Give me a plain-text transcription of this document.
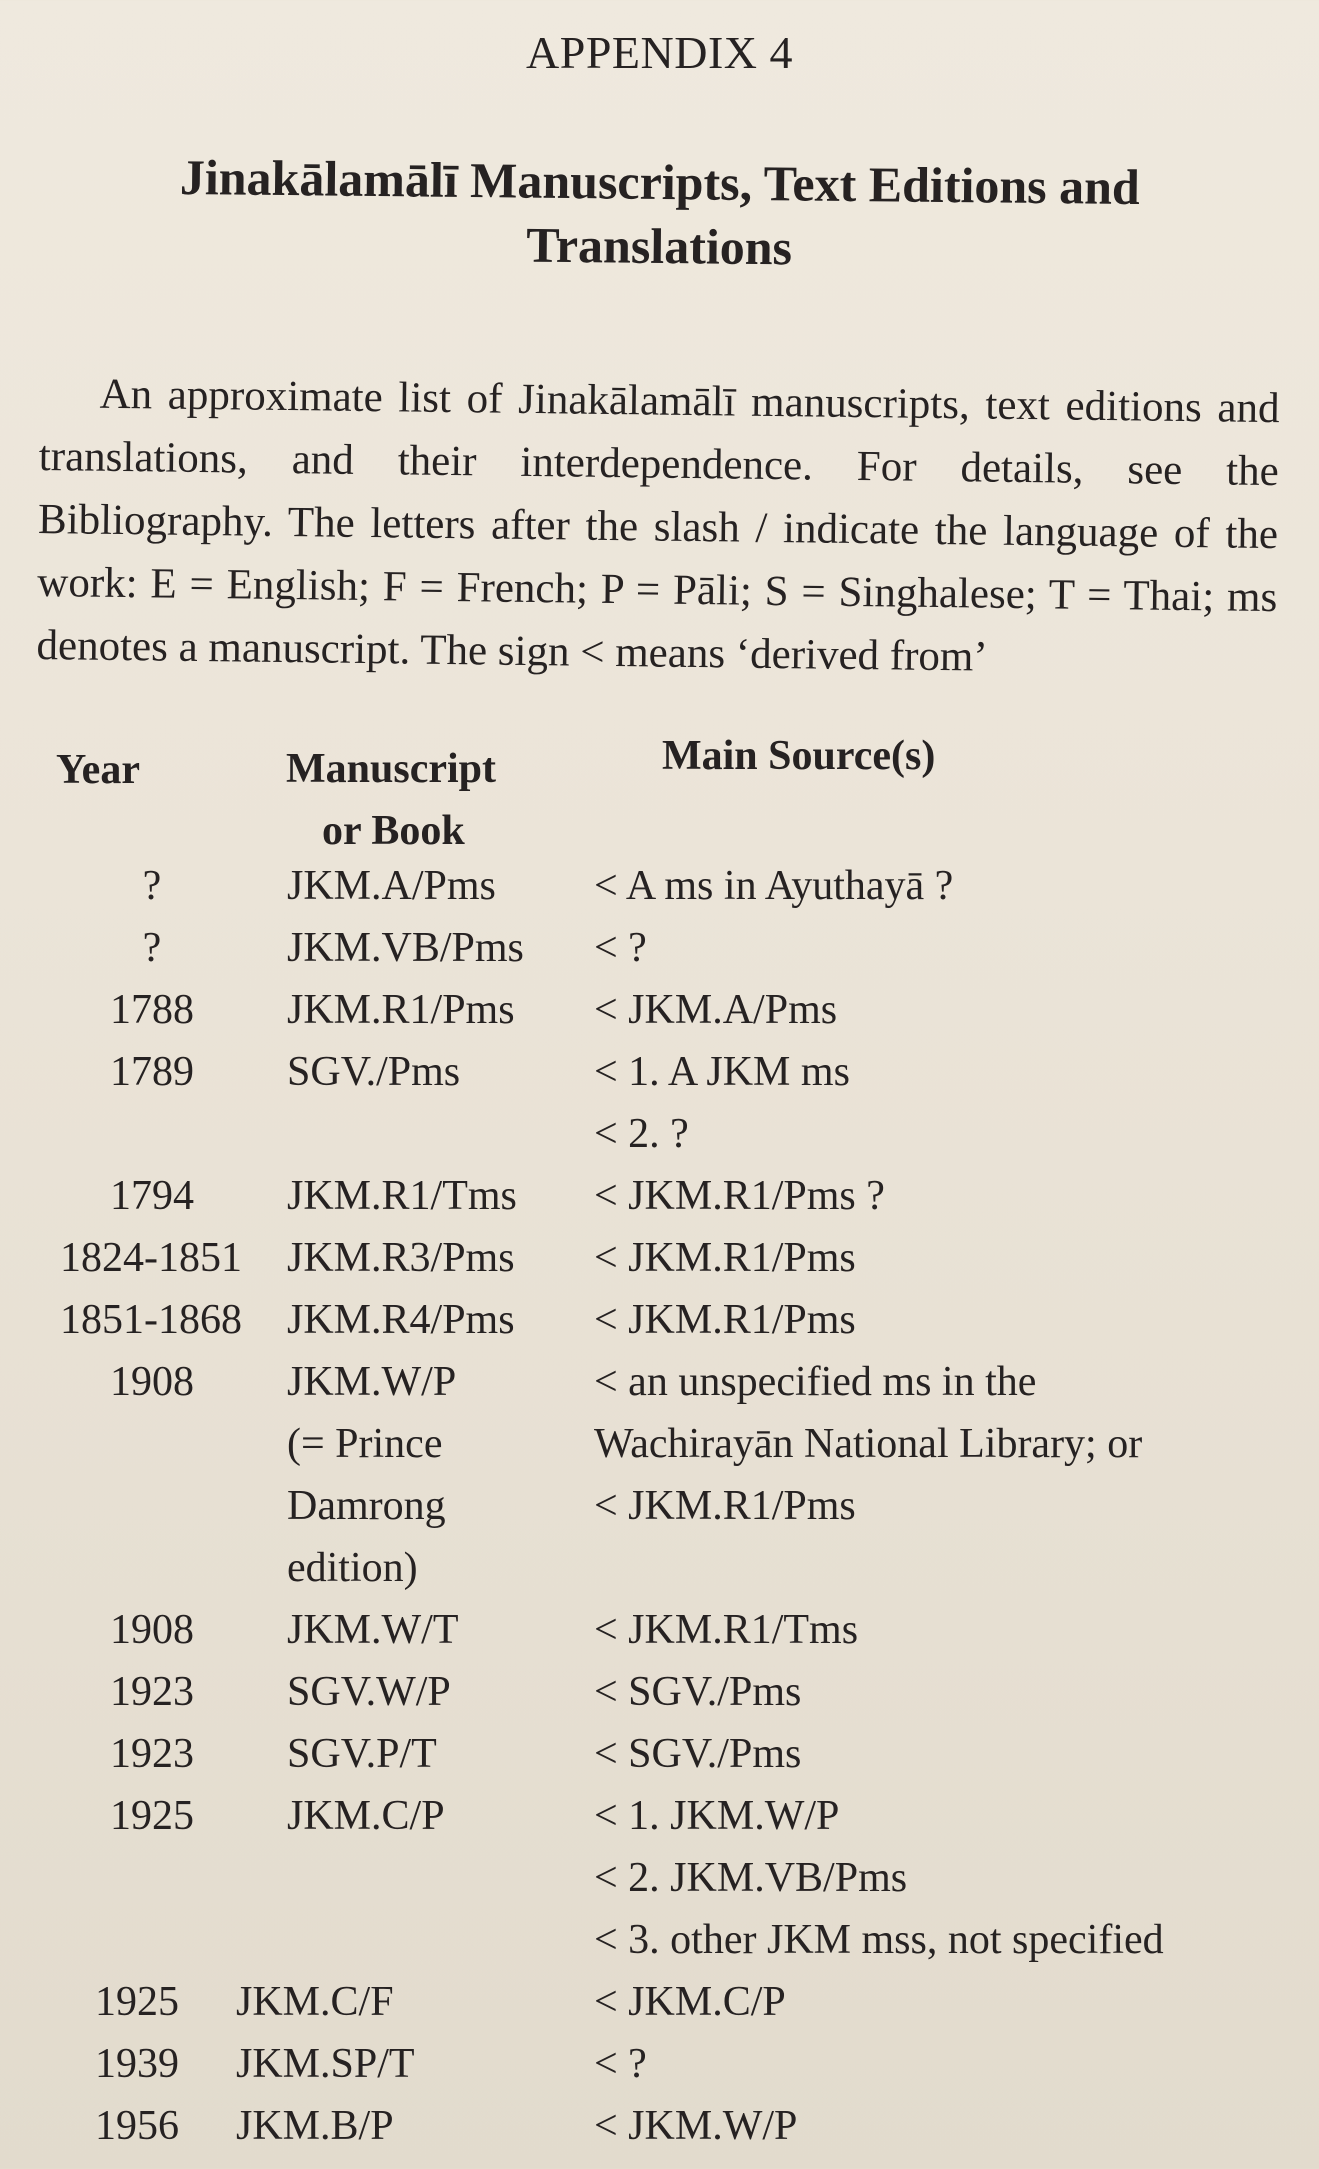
APPENDIX 4
Jinakālamālī Manuscripts, Text Editions and
Translations
An approximate list of Jinakālamālī manuscripts, text editions and translations, and their interdependence. For details, see the Bibliography. The letters after the slash / indicate the language of the work: E = English; F = French; P = Pāli; S = Singhalese; T = Thai; ms denotes a manuscript. The sign < means ‘derived from’
Year	Manuscript
or Book
Main Source(s)
?	JKM.A/Pms < A ms in Ayuthayā ?
?	JKM.VB/Pms < ?
1788	JKM.R1/Pms < JKM.A/Pms
1789	SGV./Pms	< 1. A JKM ms
< 2. ?
1794	JKM.R1/Tms < JKM.R1/Pms ?
1824-1851	JKM.R3/Pms < JKM.R1/Pms
1851-1868	JKM.R4/Pms < JKM.R1/Pms
1908	JKM.W/P	< an unspecified ms in the
(= Prince	Wachirayān National Library; or
Damrong	< JKM.R1/Pms
edition)
1908	JKM.W/T	< JKM.R1/Tms
1923	SGV.W/P	< SGV./Pms
1923	SGV.P/T	< SGV./Pms
1925	JKM.C/P	< 1. JKM.W/P
< 2. JKM.VB/Pms
< 3. other JKM mss, not specified
1925	JKM.C/F	< JKM.C/P
1939	JKM.SP/T	< ?
1956	JKM.B/P	< JKM.W/P
